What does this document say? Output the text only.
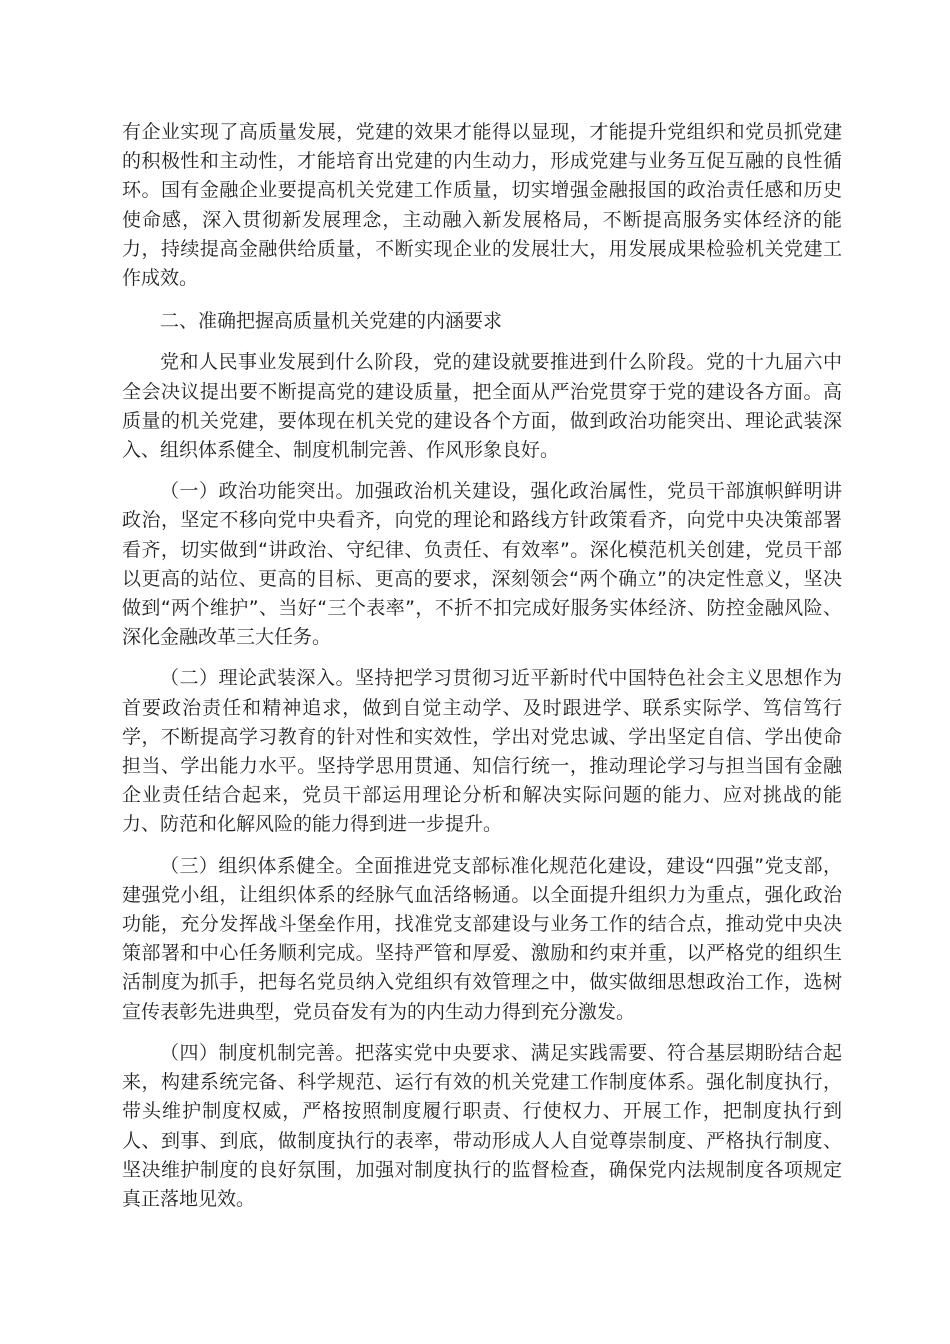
有企业实现了高质量发展，党建的效果才能得以显现，才能提升党组织和党员抓党建的积极性和主动性，才能培育出党建的内生动力，形成党建与业务互促互融的良性循环。国有金融企业要提高机关党建工作质量，切实增强金融报国的政治责任感和历史使命感，深入贯彻新发展理念，主动融入新发展格局，不断提高服务实体经济的能力，持续提高金融供给质量，不断实现企业的发展壮大，用发展成果检验机关党建工作成效。

二、准确把握高质量机关党建的内涵要求

党和人民事业发展到什么阶段，党的建设就要推进到什么阶段。党的十九届六中全会决议提出要不断提高党的建设质量，把全面从严治党贯穿于党的建设各方面。高质量的机关党建，要体现在机关党的建设各个方面，做到政治功能突出、理论武装深入、组织体系健全、制度机制完善、作风形象良好。

（一）政治功能突出。加强政治机关建设，强化政治属性，党员干部旗帜鲜明讲政治，坚定不移向党中央看齐，向党的理论和路线方针政策看齐，向党中央决策部署看齐，切实做到“讲政治、守纪律、负责任、有效率”。深化模范机关创建，党员干部以更高的站位、更高的目标、更高的要求，深刻领会“两个确立”的决定性意义，坚决做到“两个维护”、当好“三个表率”，不折不扣完成好服务实体经济、防控金融风险、深化金融改革三大任务。

（二）理论武装深入。坚持把学习贯彻习近平新时代中国特色社会主义思想作为首要政治责任和精神追求，做到自觉主动学、及时跟进学、联系实际学、笃信笃行学，不断提高学习教育的针对性和实效性，学出对党忠诚、学出坚定自信、学出使命担当、学出能力水平。坚持学思用贯通、知信行统一，推动理论学习与担当国有金融企业责任结合起来，党员干部运用理论分析和解决实际问题的能力、应对挑战的能力、防范和化解风险的能力得到进一步提升。

（三）组织体系健全。全面推进党支部标准化规范化建设，建设“四强”党支部，建强党小组，让组织体系的经脉气血活络畅通。以全面提升组织力为重点，强化政治功能，充分发挥战斗堡垒作用，找准党支部建设与业务工作的结合点，推动党中央决策部署和中心任务顺利完成。坚持严管和厚爱、激励和约束并重，以严格党的组织生活制度为抓手，把每名党员纳入党组织有效管理之中，做实做细思想政治工作，选树宣传表彰先进典型，党员奋发有为的内生动力得到充分激发。

（四）制度机制完善。把落实党中央要求、满足实践需要、符合基层期盼结合起来，构建系统完备、科学规范、运行有效的机关党建工作制度体系。强化制度执行，带头维护制度权威，严格按照制度履行职责、行使权力、开展工作，把制度执行到人、到事、到底，做制度执行的表率，带动形成人人自觉尊崇制度、严格执行制度、坚决维护制度的良好氛围，加强对制度执行的监督检查，确保党内法规制度各项规定真正落地见效。
